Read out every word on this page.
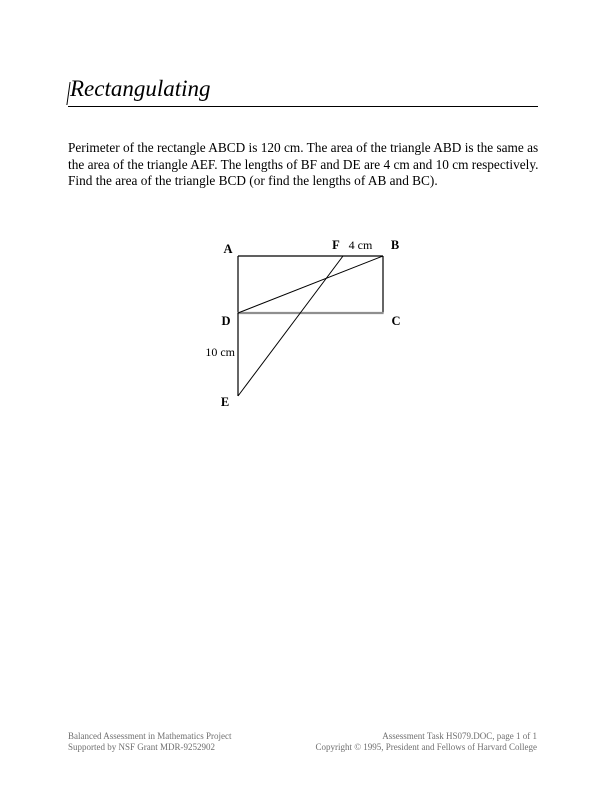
Rectangulating
Perimeter of the rectangle ABCD is 120 cm. The area of the triangle ABD is the same as
the area of the triangle AEF. The lengths of BF and DE are 4 cm and 10 cm respectively.
Find the area of the triangle BCD (or find the lengths of AB and BC).
A	F 4 cm B
D	C
10 cm
E
Balanced Assessment in Mathematics Project
Supported by NSF Grant MDR-9252902
Assessment Task HS079.DOC, page 1 of 1
Copyright © 1995, President and Fellows of Harvard College
